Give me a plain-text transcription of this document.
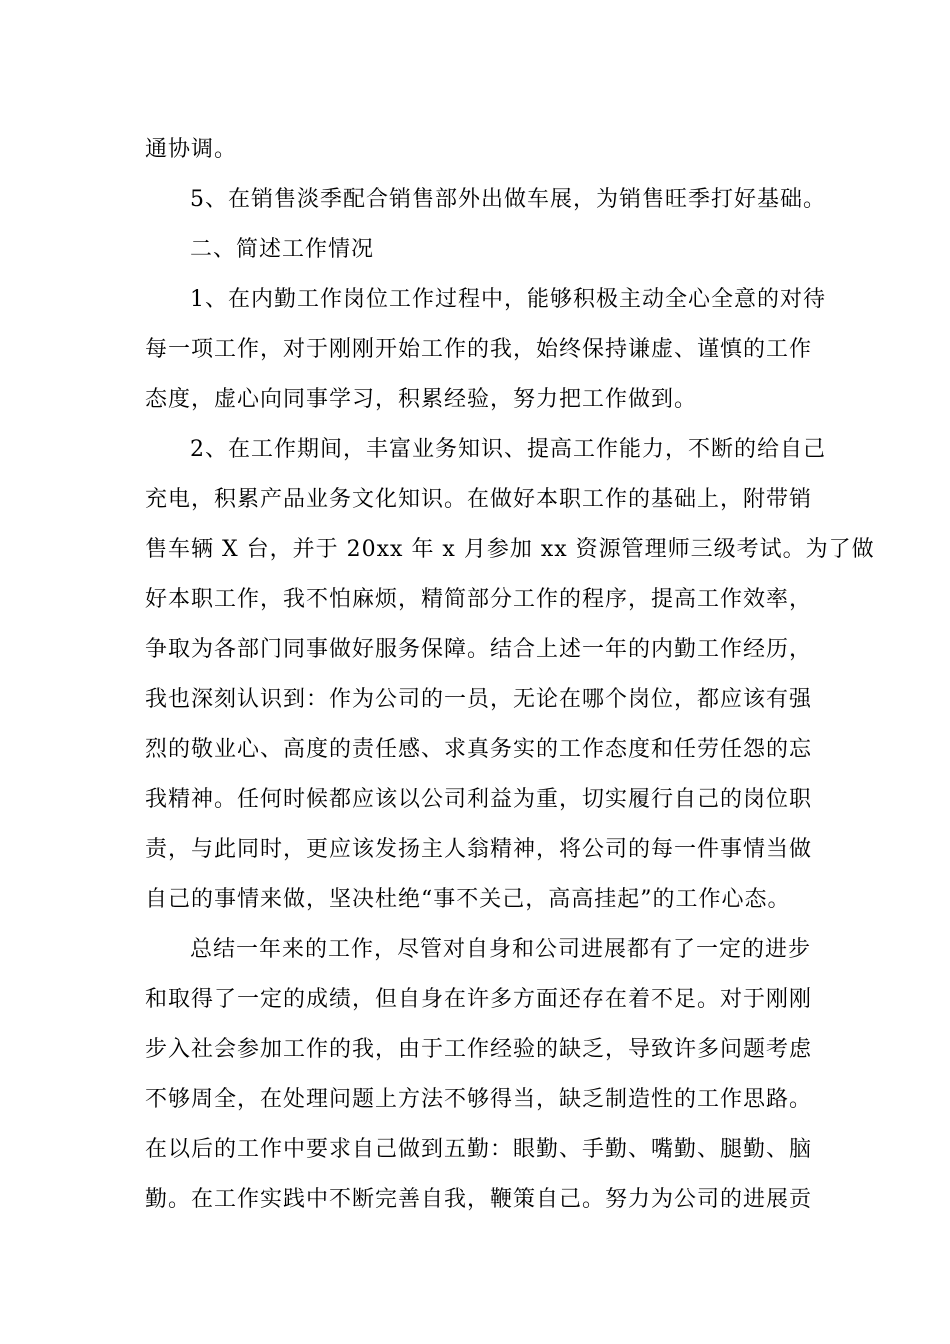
通协调。
5、在销售淡季配合销售部外出做车展，为销售旺季打好基础。
二、简述工作情况
1、在内勤工作岗位工作过程中，能够积极主动全心全意的对待
每一项工作，对于刚刚开始工作的我，始终保持谦虚、谨慎的工作
态度，虚心向同事学习，积累经验，努力把工作做到。
2、在工作期间，丰富业务知识、提高工作能力，不断的给自己
充电，积累产品业务文化知识。在做好本职工作的基础上，附带销
售车辆 X 台，并于 20xx 年 x 月参加 xx 资源管理师三级考试。为了做
好本职工作，我不怕麻烦，精简部分工作的程序，提高工作效率，
争取为各部门同事做好服务保障。结合上述一年的内勤工作经历，
我也深刻认识到：作为公司的一员，无论在哪个岗位，都应该有强
烈的敬业心、高度的责任感、求真务实的工作态度和任劳任怨的忘
我精神。任何时候都应该以公司利益为重，切实履行自己的岗位职
责，与此同时，更应该发扬主人翁精神，将公司的每一件事情当做
自己的事情来做，坚决杜绝“事不关己，高高挂起”的工作心态。
总结一年来的工作，尽管对自身和公司进展都有了一定的进步
和取得了一定的成绩，但自身在许多方面还存在着不足。对于刚刚
步入社会参加工作的我，由于工作经验的缺乏，导致许多问题考虑
不够周全，在处理问题上方法不够得当，缺乏制造性的工作思路。
在以后的工作中要求自己做到五勤：眼勤、手勤、嘴勤、腿勤、脑
勤。在工作实践中不断完善自我，鞭策自己。努力为公司的进展贡
